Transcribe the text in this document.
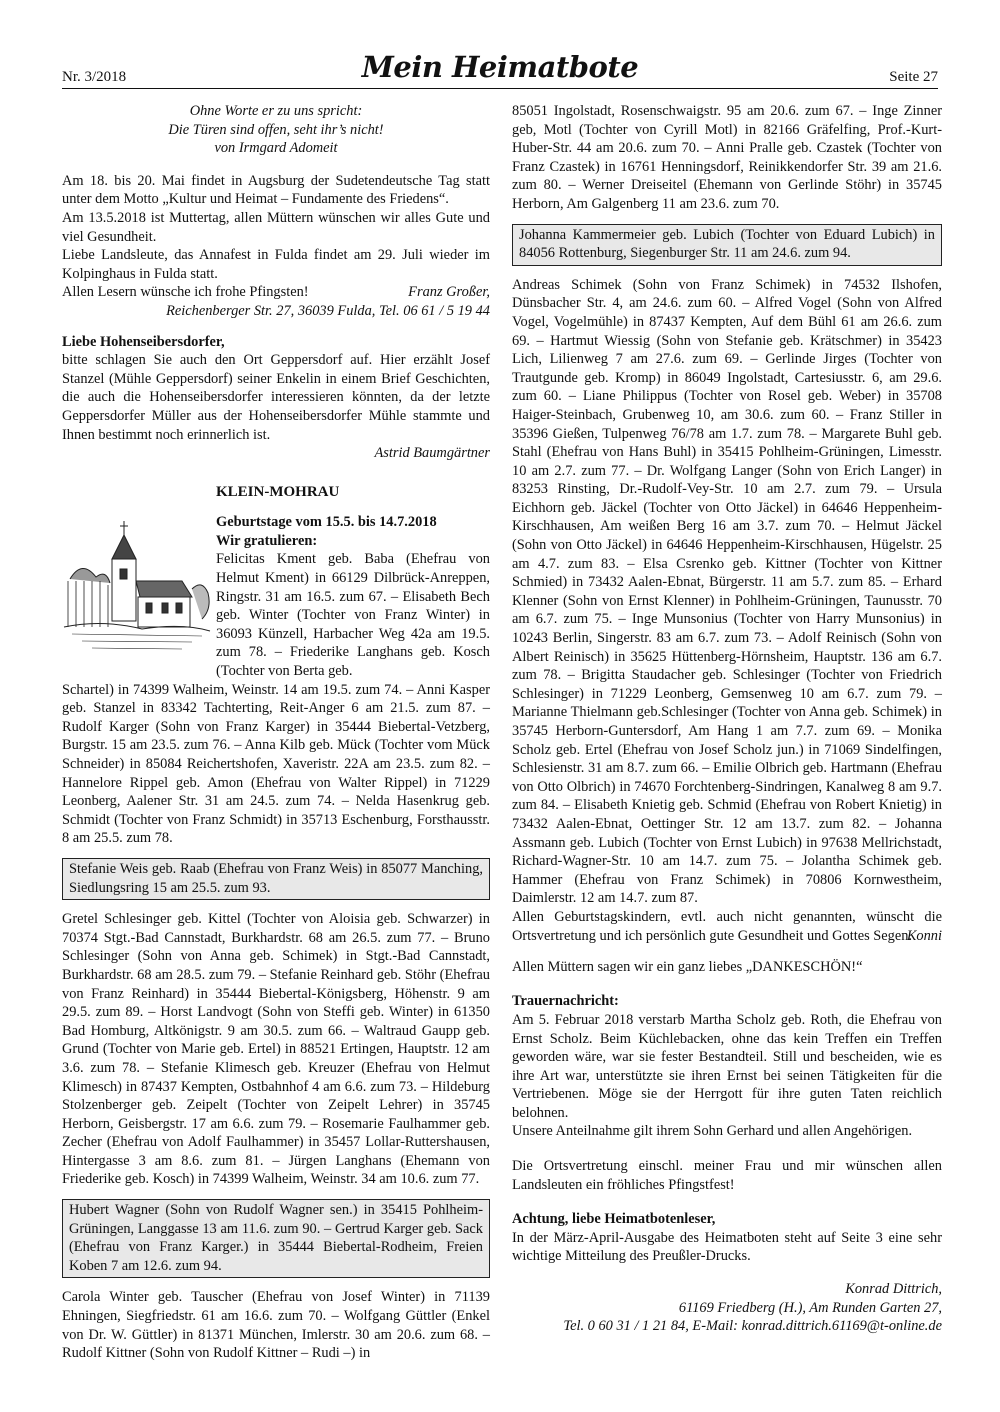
Nr. 3/2018	Mein Heimatbote	Seite 27

Ohne Worte er zu uns spricht:

Die Türen sind offen, seht ihr’s nicht!

von Irmgard Adomeit

Am 18. bis 20. Mai findet in Augsburg der Sudetendeutsche Tag statt unter dem Motto „Kultur und Heimat – Fundamente des Friedens“.

Am 13.5.2018 ist Muttertag, allen Müttern wünschen wir alles Gute und viel Gesundheit.

Liebe Landsleute, das Annafest in Fulda findet am 29. Juli wieder im Kolpinghaus in Fulda statt.

Allen Lesern wünsche ich frohe Pfingsten!	Franz Großer,

Reichenberger Str. 27, 36039 Fulda, Tel. 06 61 / 5 19 44

Liebe Hohenseibersdorfer,

bitte schlagen Sie auch den Ort Geppersdorf auf. Hier erzählt Josef Stanzel (Mühle Geppersdorf) seiner Enkelin in einem Brief Geschichten, die auch die Hohenseibersdorfer interessieren könnten, da der letzte Geppersdorfer Müller aus der Hohenseibersdorfer Mühle stammte und Ihnen bestimmt noch erinnerlich ist.

Astrid Baumgärtner

KLEIN-MOHRAU

Geburtstage vom 15.5. bis 14.7.2018

Wir gratulieren:

Felicitas Kment geb. Baba (Ehefrau von Helmut Kment) in 66129 Dilbrück-Anreppen, Ringstr. 31 am 16.5. zum 67. – Elisabeth Bech geb. Winter (Tochter von Franz Winter) in 36093 Künzell, Harbacher Weg 42a am 19.5. zum 78. – Friederike Langhans geb. Kosch (Tochter von Berta geb.

Schartel) in 74399 Walheim, Weinstr. 14 am 19.5. zum 74. – Anni Kasper geb. Stanzel in 83342 Tachterting, Reit-Anger 6 am 21.5. zum 87. – Rudolf Karger (Sohn von Franz Karger) in 35444 Biebertal-Vetzberg, Burgstr. 15 am 23.5. zum 76. – Anna Kilb geb. Mück (Tochter vom Mück Schneider) in 85084 Reichertshofen, Xaveristr. 22A am 23.5. zum 82. – Hannelore Rippel geb. Amon (Ehefrau von Walter Rippel) in 71229 Leonberg, Aalener Str. 31 am 24.5. zum 74. – Nelda Hasenkrug geb. Schmidt (Tochter von Franz Schmidt) in 35713 Eschenburg, Forsthausstr. 8 am 25.5. zum 78.

Stefanie Weis geb. Raab (Ehefrau von Franz Weis) in 85077 Manching, Siedlungsring 15 am 25.5. zum 93.

Gretel Schlesinger geb. Kittel (Tochter von Aloisia geb. Schwarzer) in 70374 Stgt.-Bad Cannstadt, Burkhardstr. 68 am 26.5. zum 77. – Bruno Schlesinger (Sohn von Anna geb. Schimek) in Stgt.-Bad Cannstadt, Burkhardstr. 68 am 28.5. zum 79. – Stefanie Reinhard geb. Stöhr (Ehefrau von Franz Reinhard) in 35444 Biebertal-Königsberg, Höhenstr. 9 am 29.5. zum 89. – Horst Landvogt (Sohn von Steffi geb. Winter) in 61350 Bad Homburg, Altkönigstr. 9 am 30.5. zum 66. – Waltraud Gaupp geb. Grund (Tochter von Marie geb. Ertel) in 88521 Ertingen, Hauptstr. 12 am 3.6. zum 78. – Stefanie Klimesch geb. Kreuzer (Ehefrau von Helmut Klimesch) in 87437 Kempten, Ostbahnhof 4 am 6.6. zum 73. – Hildeburg Stolzenberger geb. Zeipelt (Tochter von Zeipelt Lehrer) in 35745 Herborn, Geisbergstr. 17 am 6.6. zum 79. – Rosemarie Faulhammer geb. Zecher (Ehefrau von Adolf Faulhammer) in 35457 Lollar-Ruttershausen, Hintergasse 3 am 8.6. zum 81. – Jürgen Langhans (Ehemann von Friederike geb. Kosch) in 74399 Walheim, Weinstr. 34 am 10.6. zum 77.

Hubert Wagner (Sohn von Rudolf Wagner sen.) in 35415 Pohlheim-Grüningen, Langgasse 13 am 11.6. zum 90. – Gertrud Karger geb. Sack (Ehefrau von Franz Karger.) in 35444 Biebertal-Rodheim, Freien Koben 7 am 12.6. zum 94.

Carola Winter geb. Tauscher (Ehefrau von Josef Winter) in 71139 Ehningen, Siegfriedstr. 61 am 16.6. zum 70. – Wolfgang Güttler (Enkel von Dr. W. Güttler) in 81371 München, Imlerstr. 30 am 20.6. zum 68. – Rudolf Kittner (Sohn von Rudolf Kittner – Rudi –) in

85051 Ingolstadt, Rosenschwaigstr. 95 am 20.6. zum 67. – Inge Zinner geb, Motl (Tochter von Cyrill Motl) in 82166 Gräfelfing, Prof.-Kurt-Huber-Str. 44 am 20.6. zum 70. – Anni Pralle geb. Czastek (Tochter von Franz Czastek) in 16761 Henningsdorf, Reinikkendorfer Str. 39 am 21.6. zum 80. – Werner Dreiseitel (Ehemann von Gerlinde Stöhr) in 35745 Herborn, Am Galgenberg 11 am 23.6. zum 70.

Johanna Kammermeier geb. Lubich (Tochter von Eduard Lubich) in 84056 Rottenburg, Siegenburger Str. 11 am 24.6. zum 94.

Andreas Schimek (Sohn von Franz Schimek) in 74532 Ilshofen, Dünsbacher Str. 4, am 24.6. zum 60. – Alfred Vogel (Sohn von Alfred Vogel, Vogelmühle) in 87437 Kempten, Auf dem Bühl 61 am 26.6. zum 69. – Hartmut Wiessig (Sohn von Stefanie geb. Krätschmer) in 35423 Lich, Lilienweg 7 am 27.6. zum 69. – Gerlinde Jirges (Tochter von Trautgunde geb. Kromp) in 86049 Ingolstadt, Cartesiusstr. 6, am 29.6. zum 60. – Liane Philippus (Tochter von Rosel geb. Weber) in 35708 Haiger-Steinbach, Grubenweg 10, am 30.6. zum 60. – Franz Stiller in 35396 Gießen, Tulpenweg 76/78 am 1.7. zum 78. – Margarete Buhl geb. Stahl (Ehefrau von Hans Buhl) in 35415 Pohlheim-Grüningen, Limesstr. 10 am 2.7. zum 77. – Dr. Wolfgang Langer (Sohn von Erich Langer) in 83253 Rinsting, Dr.-Rudolf-Vey-Str. 10 am 2.7. zum 79. – Ursula Eichhorn geb. Jäckel (Tochter von Otto Jäckel) in 64646 Heppenheim-Kirschhausen, Am weißen Berg 16 am 3.7. zum 70. – Helmut Jäckel (Sohn von Otto Jäckel) in 64646 Heppenheim-Kirschhausen, Hügelstr. 25 am 4.7. zum 83. – Elsa Csrenko geb. Kittner (Tochter von Kittner Schmied) in 73432 Aalen-Ebnat, Bürgerstr. 11 am 5.7. zum 85. – Erhard Klenner (Sohn von Ernst Klenner) in Pohlheim-Grüningen, Taunusstr. 70 am 6.7. zum 75. – Inge Munsonius (Tochter von Harry Munsonius) in 10243 Berlin, Singerstr. 83 am 6.7. zum 73. – Adolf Reinisch (Sohn von Albert Reinisch) in 35625 Hüttenberg-Hörnsheim, Hauptstr. 136 am 6.7. zum 78. – Brigitta Staudacher geb. Schlesinger (Tochter von Friedrich Schlesinger) in 71229 Leonberg, Gemsenweg 10 am 6.7. zum 79. – Marianne Thielmann geb.Schlesinger (Tochter von Anna geb. Schimek) in 35745 Herborn-Guntersdorf, Am Hang 1 am 7.7. zum 69. – Monika Scholz geb. Ertel (Ehefrau von Josef Scholz jun.) in 71069 Sindelfingen, Schlesienstr. 31 am 8.7. zum 66. – Emilie Olbrich geb. Hartmann (Ehefrau von Otto Olbrich) in 74670 Forchtenberg-Sindringen, Kanalweg 8 am 9.7. zum 84. – Elisabeth Knietig geb. Schmid (Ehefrau von Robert Knietig) in 73432 Aalen-Ebnat, Oettinger Str. 12 am 13.7. zum 82. – Johanna Assmann geb. Lubich (Tochter von Ernst Lubich) in 97638 Mellrichstadt, Richard-Wagner-Str. 10 am 14.7. zum 75. – Jolantha Schimek geb. Hammer (Ehefrau von Franz Schimek) in 70806 Kornwestheim, Daimlerstr. 12 am 14.7. zum 87.

Allen Geburtstagskindern, evtl. auch nicht genannten, wünscht die Ortsvertretung und ich persönlich gute Gesundheit und Gottes Segen.

Konni

Allen Müttern sagen wir ein ganz liebes „DANKESCHÖN!“

Trauernachricht:

Am 5. Februar 2018 verstarb Martha Scholz geb. Roth, die Ehefrau von Ernst Scholz. Beim Küchlebacken, ohne das kein Treffen ein Treffen geworden wäre, war sie fester Bestandteil. Still und bescheiden, wie es ihre Art war, unterstützte sie ihren Ernst bei seinen Tätigkeiten für die Vertriebenen. Möge sie der Herrgott für ihre guten Taten reichlich belohnen.

Unsere Anteilnahme gilt ihrem Sohn Gerhard und allen Angehörigen.

Die Ortsvertretung einschl. meiner Frau und mir wünschen allen Landsleuten ein fröhliches Pfingstfest!

Achtung, liebe Heimatbotenleser,

In der März-April-Ausgabe des Heimatboten steht auf Seite 3 eine sehr wichtige Mitteilung des Preußler-Drucks.

Konrad Dittrich,

61169 Friedberg (H.), Am Runden Garten 27,

Tel. 0 60 31 / 1 21 84, E-Mail: konrad.dittrich.61169@t-online.de
